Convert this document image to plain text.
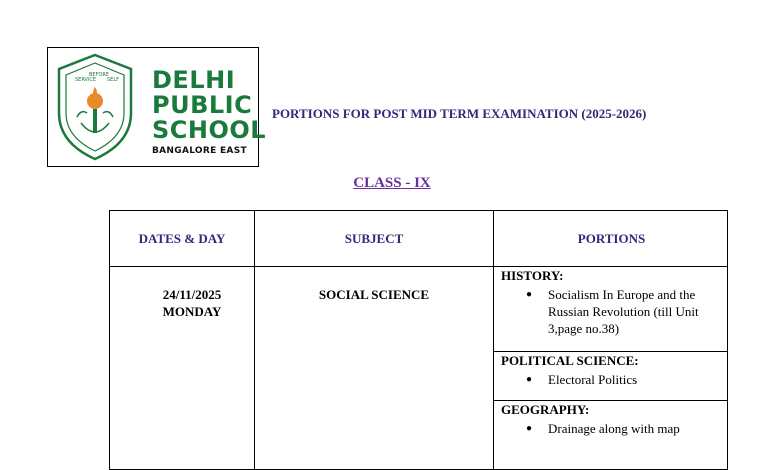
SERVICE
BEFORE
SELF DELHI
PUBLIC
SCHOOL
BANGALORE EAST
PORTIONS FOR POST MID TERM EXAMINATION (2025-2026)
CLASS - IX
DATES & DAY	SUBJECT	PORTIONS
24/11/2025
MONDAY
SOCIAL SCIENCE
HISTORY:
● Socialism In Europe and the Russian Revolution (till Unit 3,page no.38)
POLITICAL SCIENCE:
● Electoral Politics
GEOGRAPHY:
● Drainage along with map
